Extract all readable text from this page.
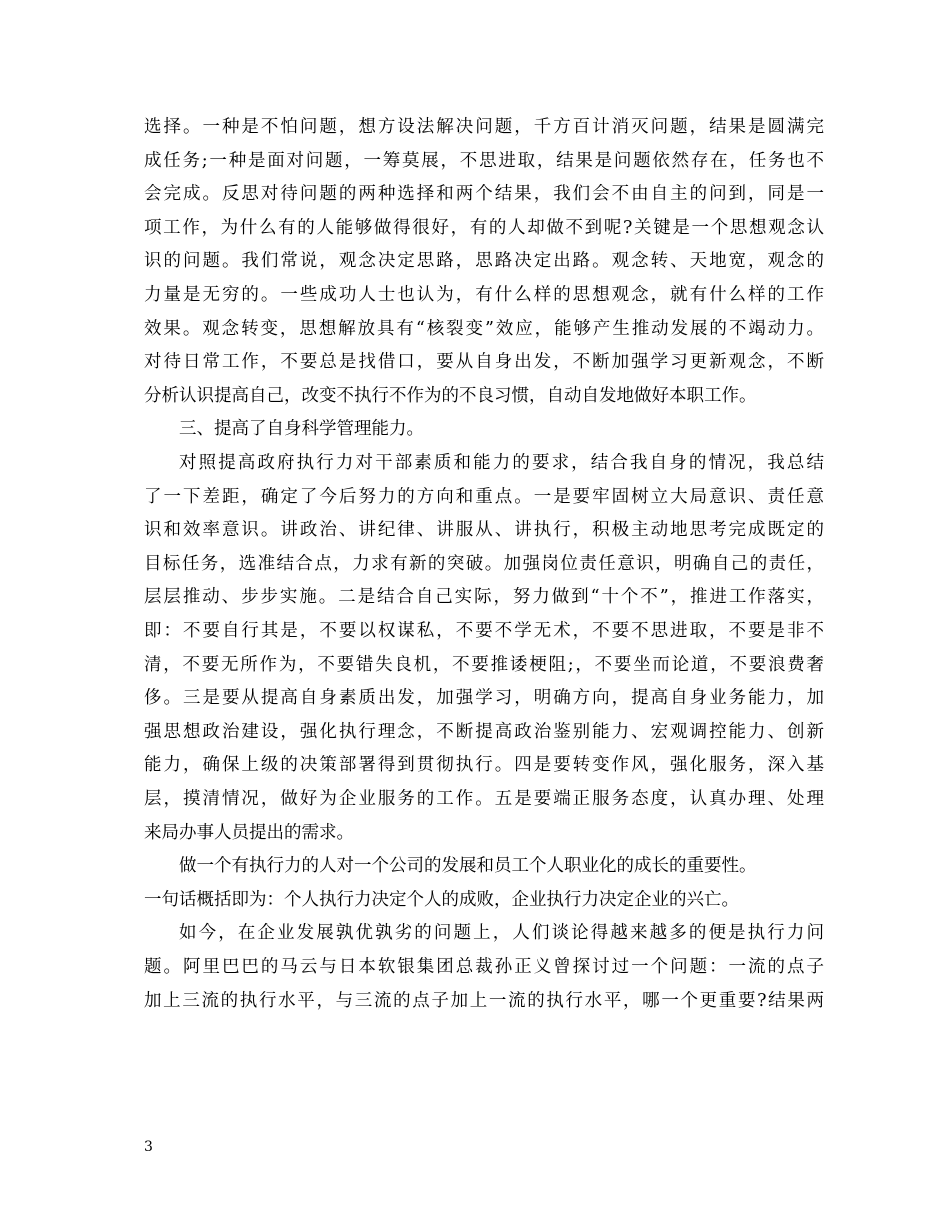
选择。一种是不怕问题，想方设法解决问题，千方百计消灭问题，结果是圆满完
成任务;一种是面对问题，一筹莫展，不思进取，结果是问题依然存在，任务也不
会完成。反思对待问题的两种选择和两个结果，我们会不由自主的问到，同是一
项工作，为什么有的人能够做得很好，有的人却做不到呢?关键是一个思想观念认
识的问题。我们常说，观念决定思路，思路决定出路。观念转、天地宽，观念的
力量是无穷的。一些成功人士也认为，有什么样的思想观念，就有什么样的工作
效果。观念转变，思想解放具有“核裂变”效应，能够产生推动发展的不竭动力。
对待日常工作，不要总是找借口，要从自身出发，不断加强学习更新观念，不断
分析认识提高自己，改变不执行不作为的不良习惯，自动自发地做好本职工作。
三、提高了自身科学管理能力。
对照提高政府执行力对干部素质和能力的要求，结合我自身的情况，我总结
了一下差距，确定了今后努力的方向和重点。一是要牢固树立大局意识、责任意
识和效率意识。讲政治、讲纪律、讲服从、讲执行，积极主动地思考完成既定的
目标任务，选准结合点，力求有新的突破。加强岗位责任意识，明确自己的责任，
层层推动、步步实施。二是结合自己实际，努力做到“十个不”，推进工作落实，
即：不要自行其是，不要以权谋私，不要不学无术，不要不思进取，不要是非不
清，不要无所作为，不要错失良机，不要推诿梗阻;，不要坐而论道，不要浪费奢
侈。三是要从提高自身素质出发，加强学习，明确方向，提高自身业务能力，加
强思想政治建设，强化执行理念，不断提高政治鉴别能力、宏观调控能力、创新
能力，确保上级的决策部署得到贯彻执行。四是要转变作风，强化服务，深入基
层，摸清情况，做好为企业服务的工作。五是要端正服务态度，认真办理、处理
来局办事人员提出的需求。
做一个有执行力的人对一个公司的发展和员工个人职业化的成长的重要性。
一句话概括即为：个人执行力决定个人的成败，企业执行力决定企业的兴亡。
如今，在企业发展孰优孰劣的问题上，人们谈论得越来越多的便是执行力问
题。阿里巴巴的马云与日本软银集团总裁孙正义曾探讨过一个问题：一流的点子
加上三流的执行水平，与三流的点子加上一流的执行水平，哪一个更重要?结果两
3
